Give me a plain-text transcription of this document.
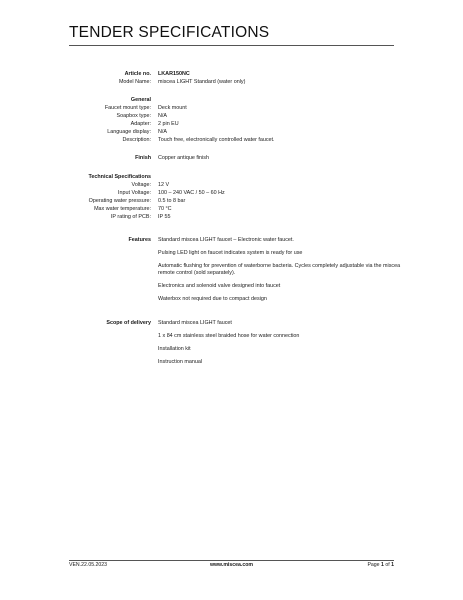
TENDER SPECIFICATIONS
Article no. LKAR150NC
Model Name: miscea LIGHT Standard (water only)
General
Faucet mount type: Deck mount
Soapbox type: N/A
Adapter: 2 pin EU
Language display: N/A
Description: Touch free, electronically controlled water faucet.
Finish Copper antique finish
Technical Specifications
Voltage: 12 V
Input Voltage: 100 – 240 VAC / 50 – 60 Hz
Operating water pressure: 0.5 to 8 bar
Max water temperature: 70 °C
IP rating of PCB: IP 55
Features Standard miscea LIGHT faucet – Electronic water faucet.
Pulsing LED light on faucet indicates system is ready for use
Automatic flushing for prevention of waterborne bacteria. Cycles completely adjustable via the miscea remote control (sold separately).
Electronics and solenoid valve designed into faucet
Waterbox not required due to compact design
Scope of delivery Standard miscea LIGHT faucet
1 x 84 cm stainless steel braided hose for water connection
Installation kit
Instruction manual
VEN.22.05.2023	www.miscea.com	Page 1 of 1
